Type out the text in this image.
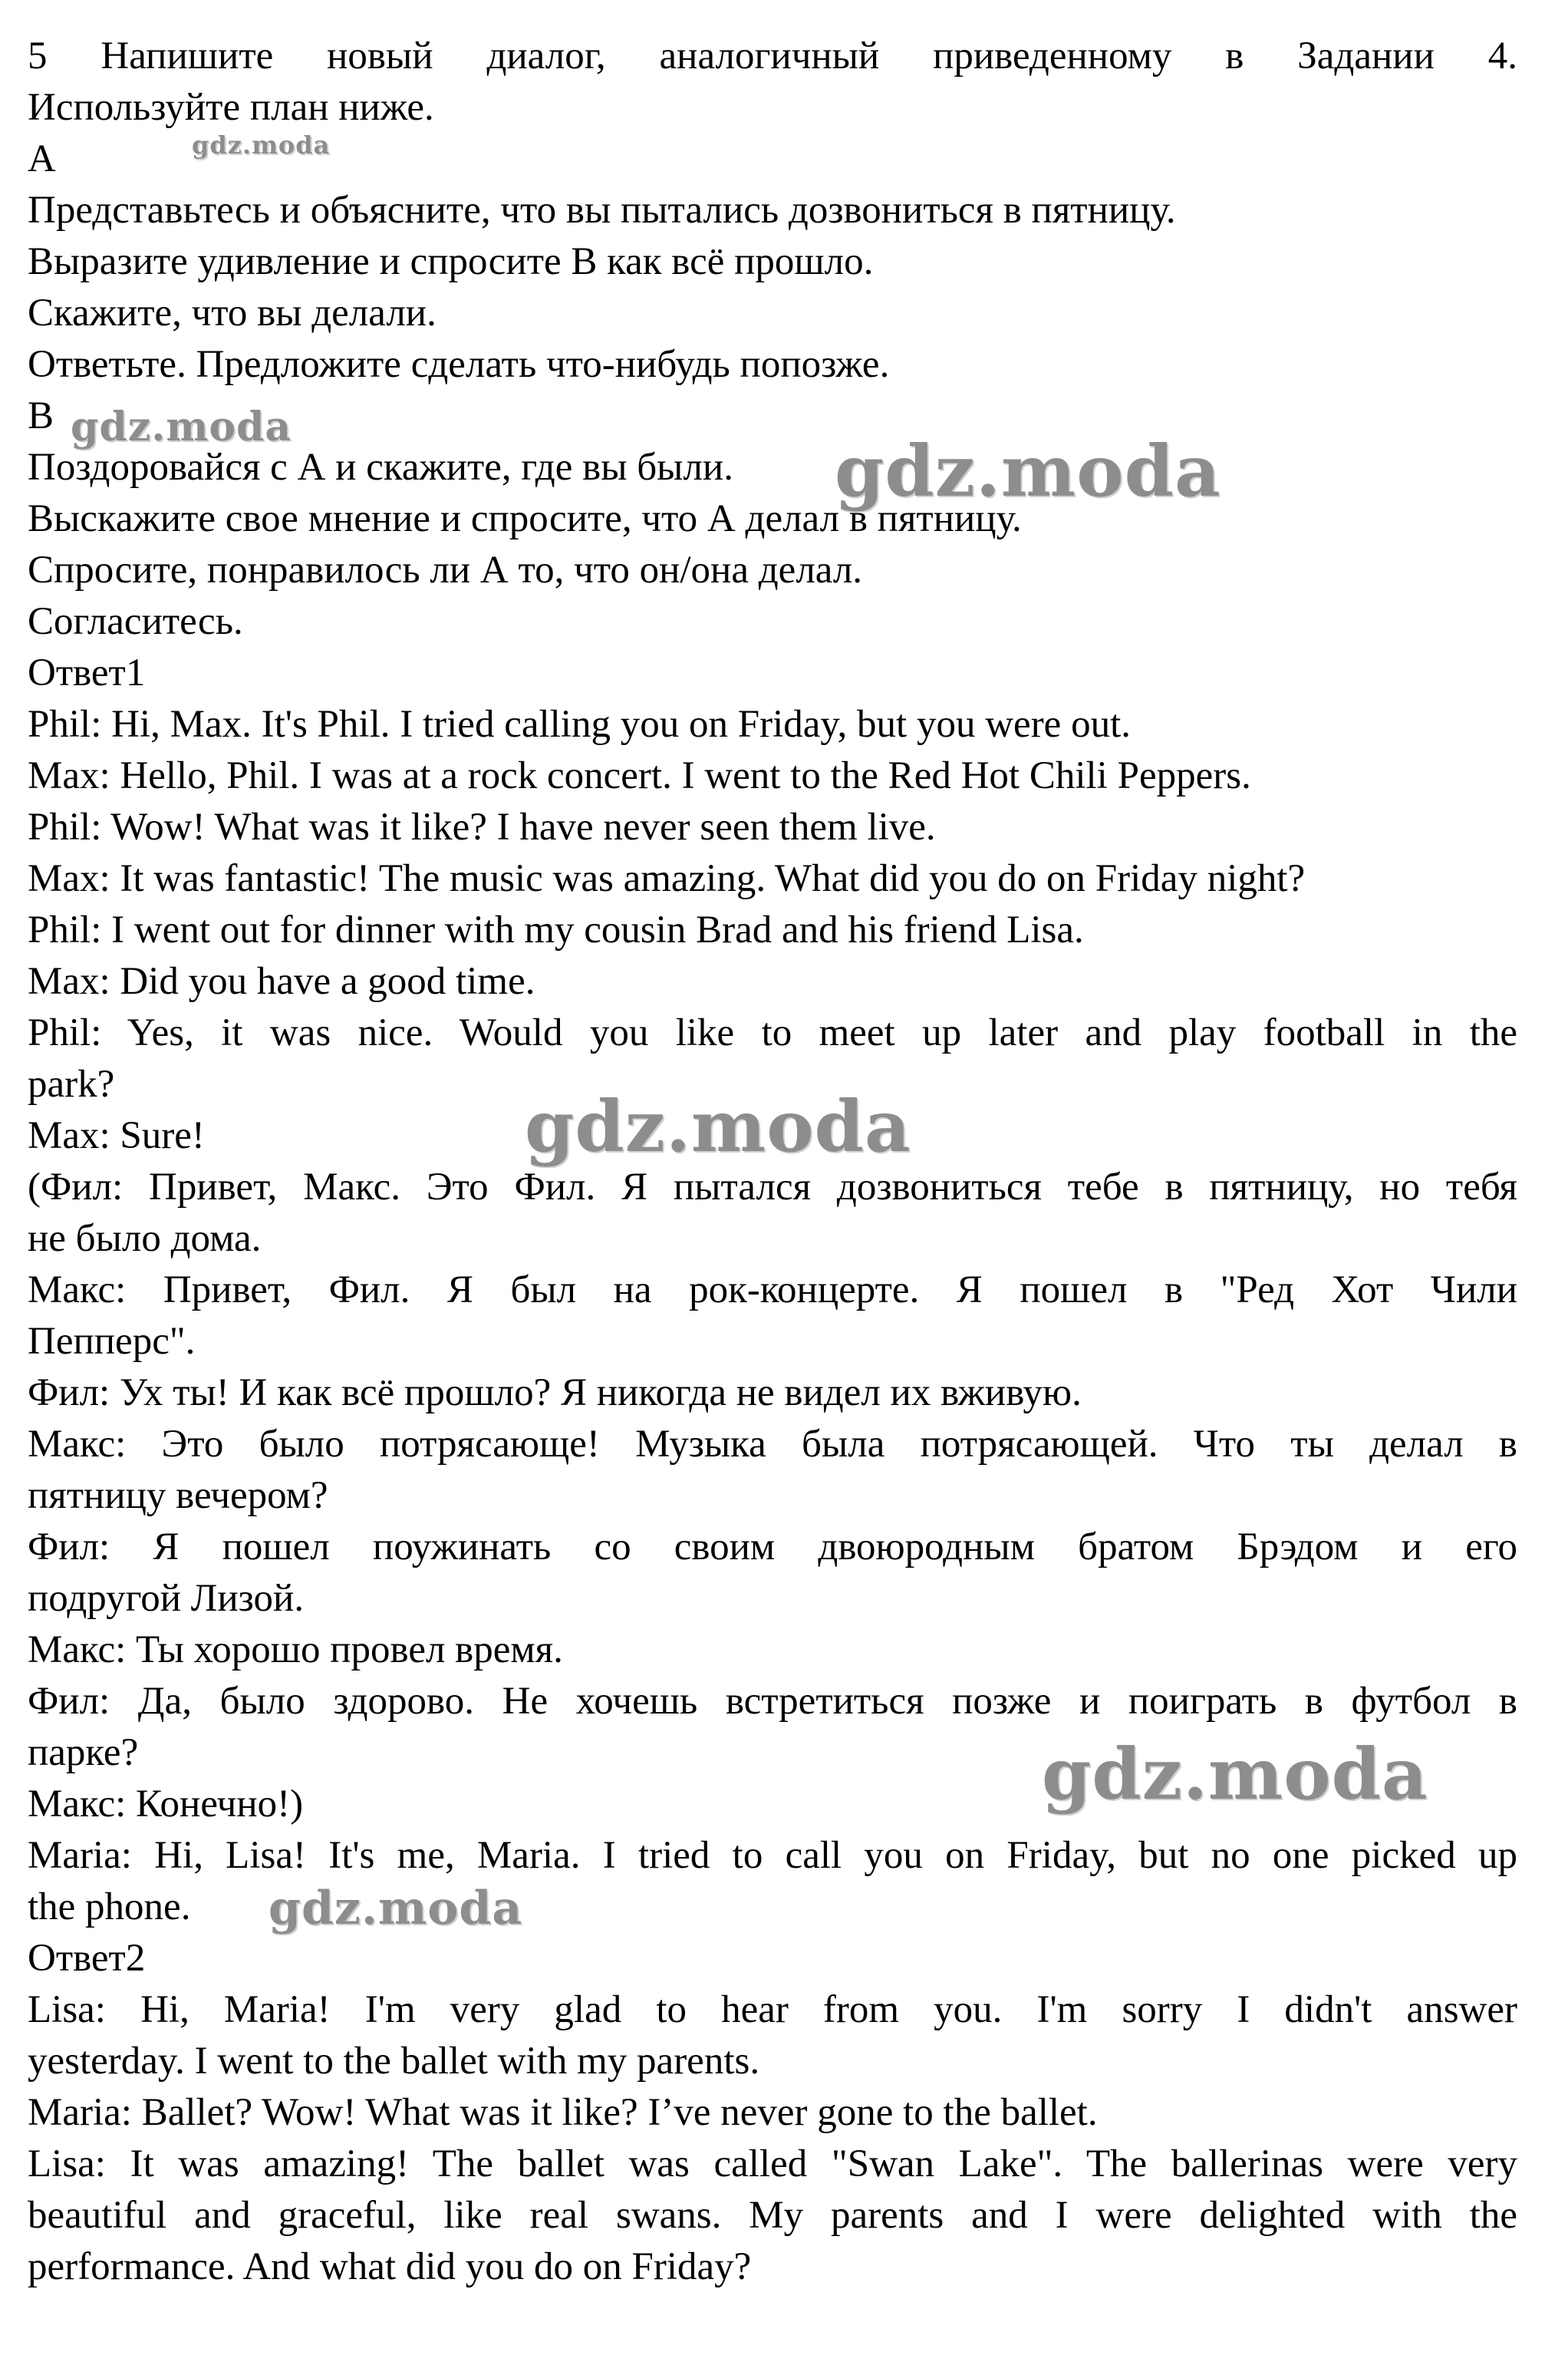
5 Напишите новый диалог, аналогичный приведенному в Задании 4.
Используйте план ниже.
A
Представьтесь и объясните, что вы пытались дозвониться в пятницу.
Выразите удивление и спросите В как всё прошло.
Скажите, что вы делали.
Ответьте. Предложите сделать что-нибудь попозже.
B
Поздоровайся с А и скажите, где вы были.
Выскажите свое мнение и спросите, что А делал в пятницу.
Спросите, понравилось ли А то, что он/она делал.
Согласитесь.
Ответ1
Phil: Hi, Max. It's Phil. I tried calling you on Friday, but you were out.
Max: Hello, Phil. I was at a rock concert. I went to the Red Hot Chili Peppers.
Phil: Wow! What was it like? I have never seen them live.
Max: It was fantastic! The music was amazing. What did you do on Friday night?
Phil: I went out for dinner with my cousin Brad and his friend Lisa.
Max: Did you have a good time.
Phil: Yes, it was nice. Would you like to meet up later and play football in the
park?
Max: Sure!
(Фил: Привет, Макс. Это Фил. Я пытался дозвониться тебе в пятницу, но тебя
не было дома.
Макс: Привет, Фил. Я был на рок-концерте. Я пошел в "Ред Хот Чили
Пепперс".
Фил: Ух ты! И как всё прошло? Я никогда не видел их вживую.
Макс: Это было потрясающе! Музыка была потрясающей. Что ты делал в
пятницу вечером?
Фил: Я пошел поужинать со своим двоюродным братом Брэдом и его
подругой Лизой.
Макс: Ты хорошо провел время.
Фил: Да, было здорово. Не хочешь встретиться позже и поиграть в футбол в
парке?
Макс: Конечно!)
Maria: Hi, Lisa! It's me, Maria. I tried to call you on Friday, but no one picked up
the phone.
Ответ2
Lisa: Hi, Maria! I'm very glad to hear from you. I'm sorry I didn't answer
yesterday. I went to the ballet with my parents.
Maria: Ballet? Wow! What was it like? I’ve never gone to the ballet.
Lisa: It was amazing! The ballet was called "Swan Lake". The ballerinas were very
beautiful and graceful, like real swans. My parents and I were delighted with the
performance. And what did you do on Friday?
gdz.moda
gdz.moda
gdz.moda
gdz.moda
gdz.moda
gdz.moda
